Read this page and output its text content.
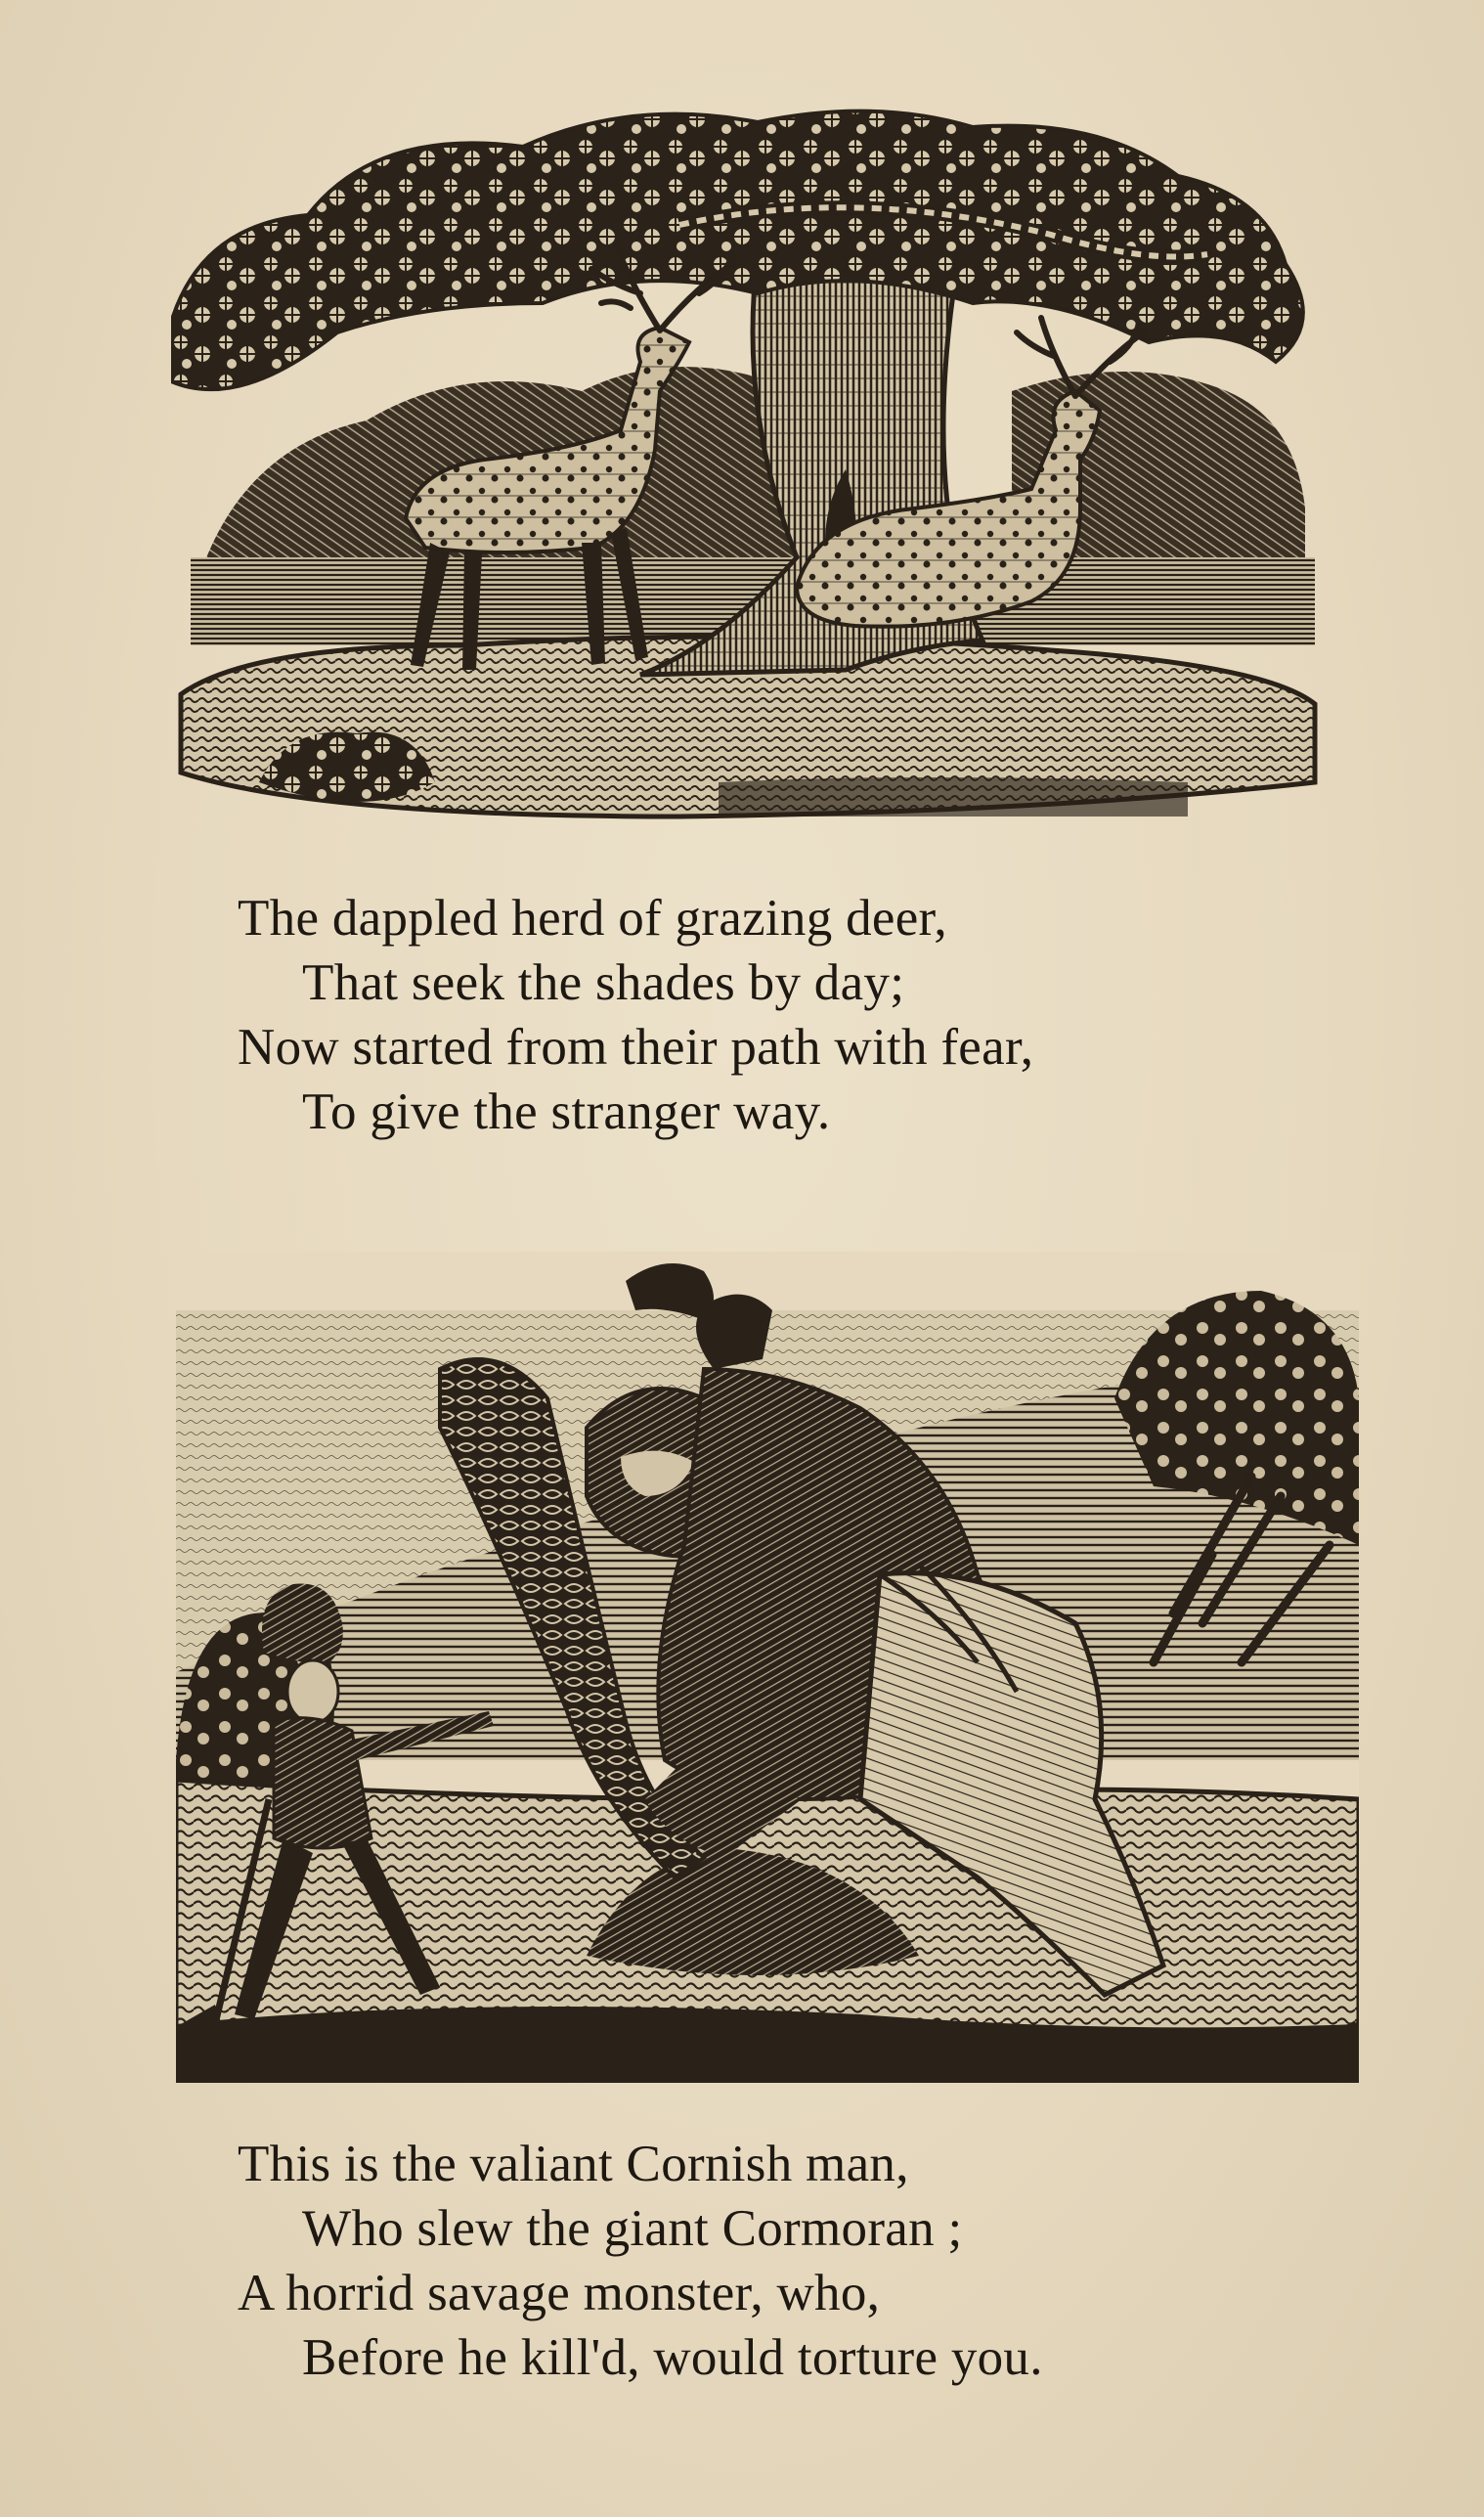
The dappled herd of grazing deer,
That seek the shades by day;
Now started from their path with fear,
To give the stranger way.
This is the valiant Cornish man,
Who slew the giant Cormoran ;
A horrid savage monster, who,
Before he kill'd, would torture you.
